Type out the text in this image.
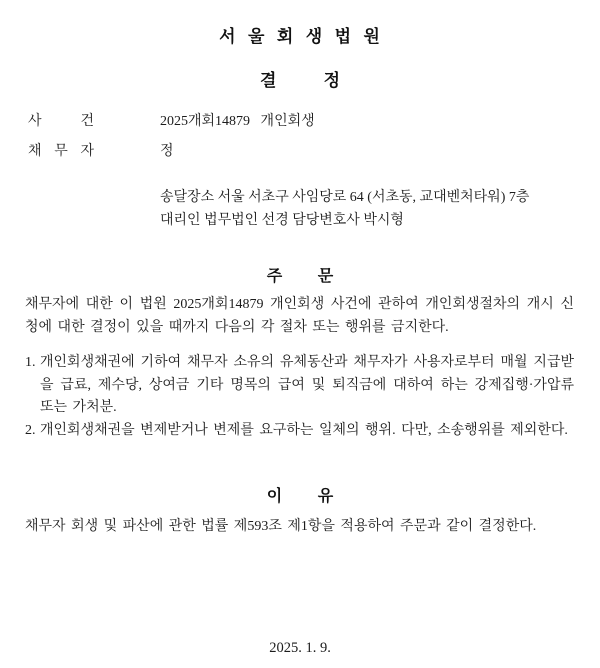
서  울  회  생  법  원
결          정
사 건	2025개회14879   개인회생
채 무 자	정
송달장소 서울 서초구 사임당로 64 (서초동, 교대벤처타워) 7층
대리인 법무법인 선경 담당변호사 박시형
주        문
채무자에 대한 이 법원 2025개회14879 개인회생 사건에 관하여 개인회생절차의 개시 신청에 대한 결정이 있을 때까지 다음의 각 절차 또는 행위를 금지한다.
1. 개인회생채권에 기하여 채무자 소유의 유체동산과 채무자가 사용자로부터 매월 지급받을 급료, 제수당, 상여금 기타 명목의 급여 및 퇴직금에 대하여 하는 강제집행·가압류 또는 가처분.
2. 개인회생채권을 변제받거나 변제를 요구하는 일체의 행위. 다만, 소송행위를 제외한다.
이        유
채무자 회생 및 파산에 관한 법률 제593조 제1항을 적용하여 주문과 같이 결정한다.
2025. 1. 9.
